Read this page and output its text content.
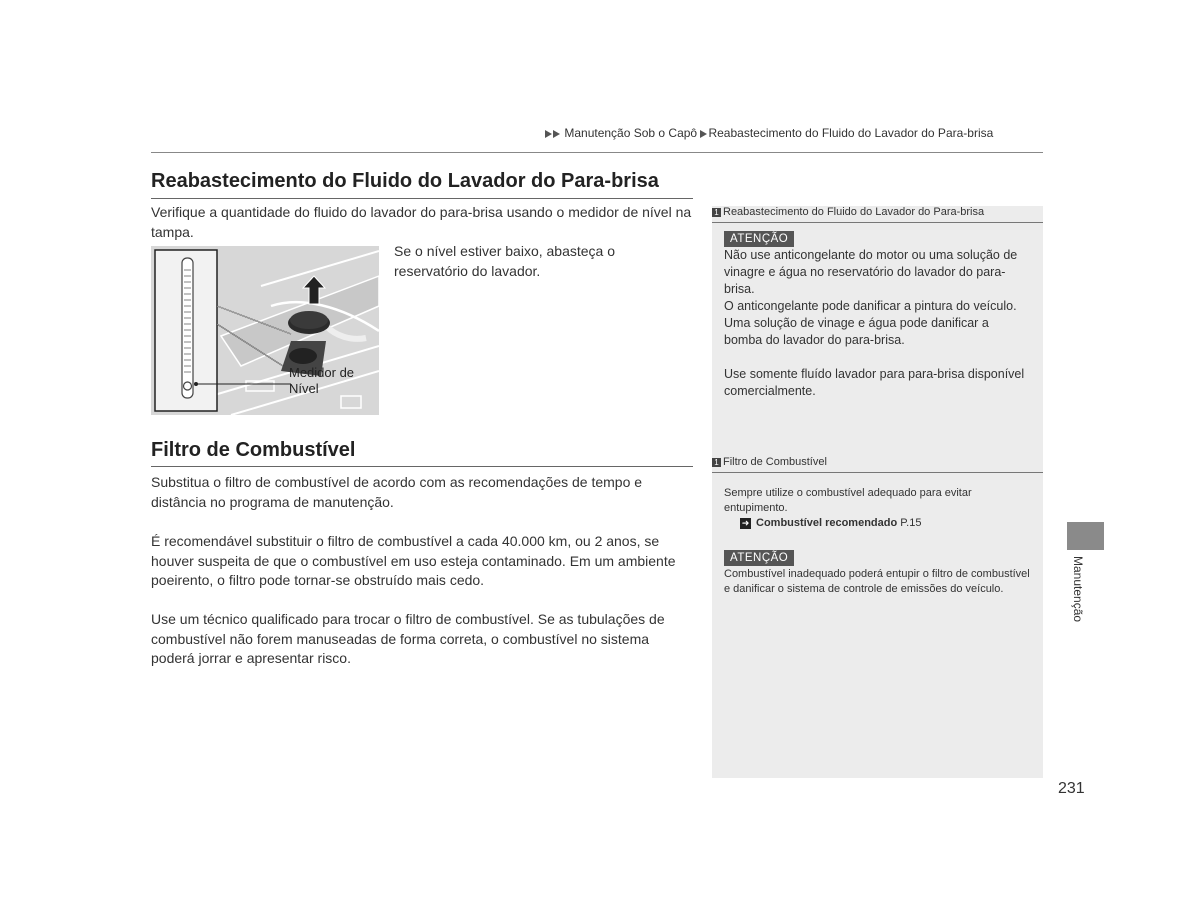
Manutenção Sob o Capô Reabastecimento do Fluido do Lavador do Para-brisa
Reabastecimento do Fluido do Lavador do Para-brisa
Verifique a quantidade do fluido do lavador do para-brisa usando o medidor de nível na tampa.
Se o nível estiver baixo, abasteça o reservatório do lavador.
Medidor de
Nível
Filtro de Combustível
Substitua o filtro de combustível de acordo com as recomendações de tempo e distância no programa de manutenção.
É recomendável substituir o filtro de combustível a cada 40.000 km, ou 2 anos, se houver suspeita de que o combustível em uso esteja contaminado. Em um ambiente poeirento, o filtro pode tornar-se obstruído mais cedo.
Use um técnico qualificado para trocar o filtro de combustível. Se as tubulações de combustível não forem manuseadas de forma correta, o combustível no sistema poderá jorrar e apresentar risco.
1 Reabastecimento do Fluido do Lavador do Para-brisa
ATENÇÃO
Não use anticongelante do motor ou uma solução de vinagre e água no reservatório do lavador do para-brisa.
O anticongelante pode danificar a pintura do veículo.
Uma solução de vinage e água pode danificar a bomba do lavador do para-brisa.
Use somente fluído lavador para para-brisa disponível comercialmente.
1 Filtro de Combustível
Sempre utilize o combustível adequado para evitar entupimento.
➜ Combustível recomendado P.15
ATENÇÃO
Combustível inadequado poderá entupir o filtro de combustível e danificar o sistema de controle de emissões do veículo.	Manutenção
231
